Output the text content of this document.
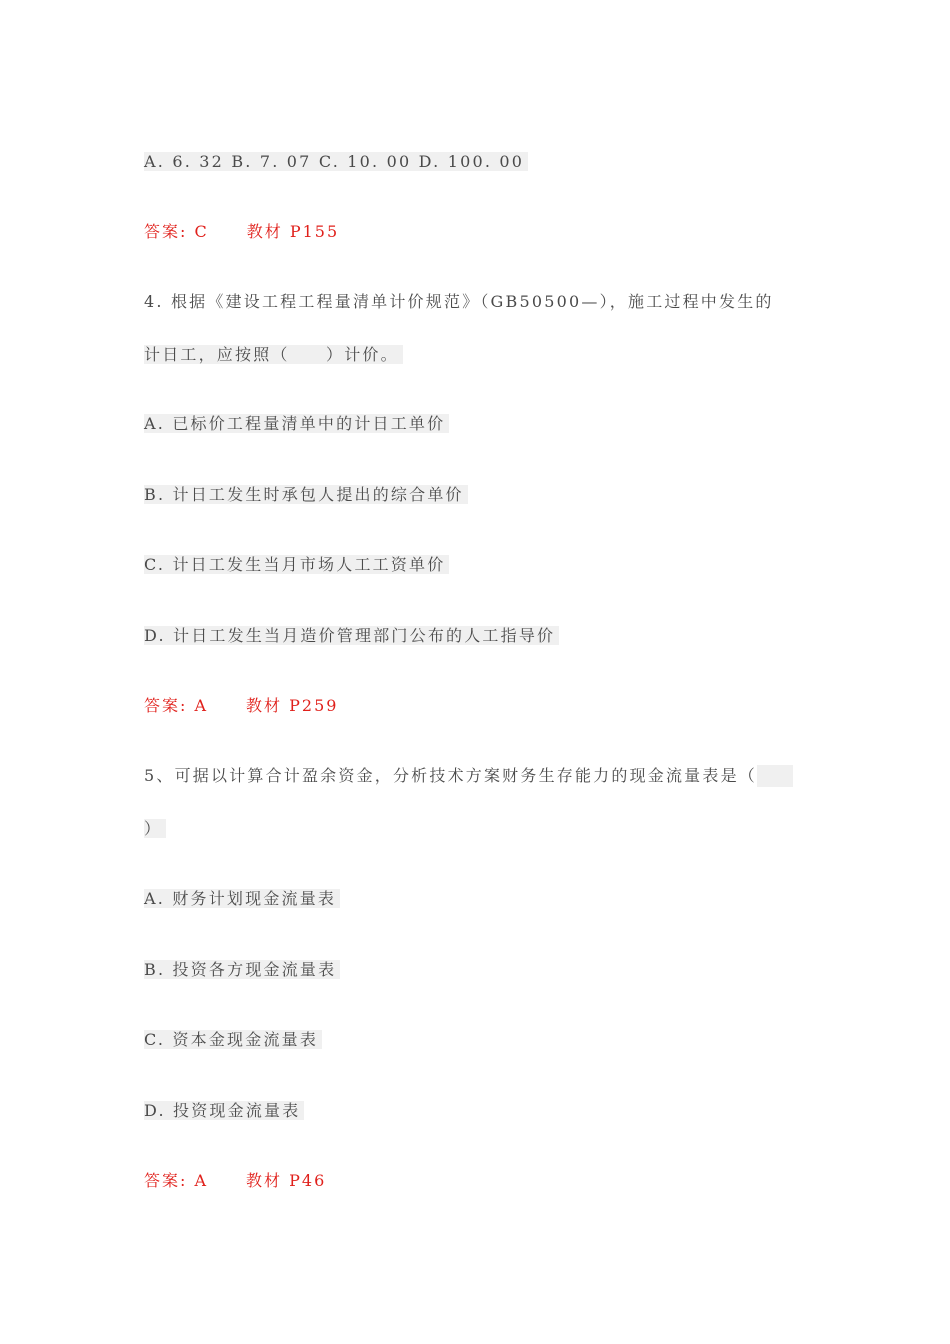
A. 6. 32 B. 7. 07 C. 10. 00 D. 100. 00
答案: C 教材 P155
4. 根据《建设工程工程量清单计价规范》（GB50500—），施工过程中发生的
计日工，应按照（　　）计价。
A. 已标价工程量清单中的计日工单价
B. 计日工发生时承包人提出的综合单价
C. 计日工发生当月市场人工工资单价
D. 计日工发生当月造价管理部门公布的人工指导价
答案: A 教材 P259
5、可据以计算合计盈余资金，分析技术方案财务生存能力的现金流量表是（
）
A. 财务计划现金流量表
B. 投资各方现金流量表
C. 资本金现金流量表
D. 投资现金流量表
答案: A 教材 P46
